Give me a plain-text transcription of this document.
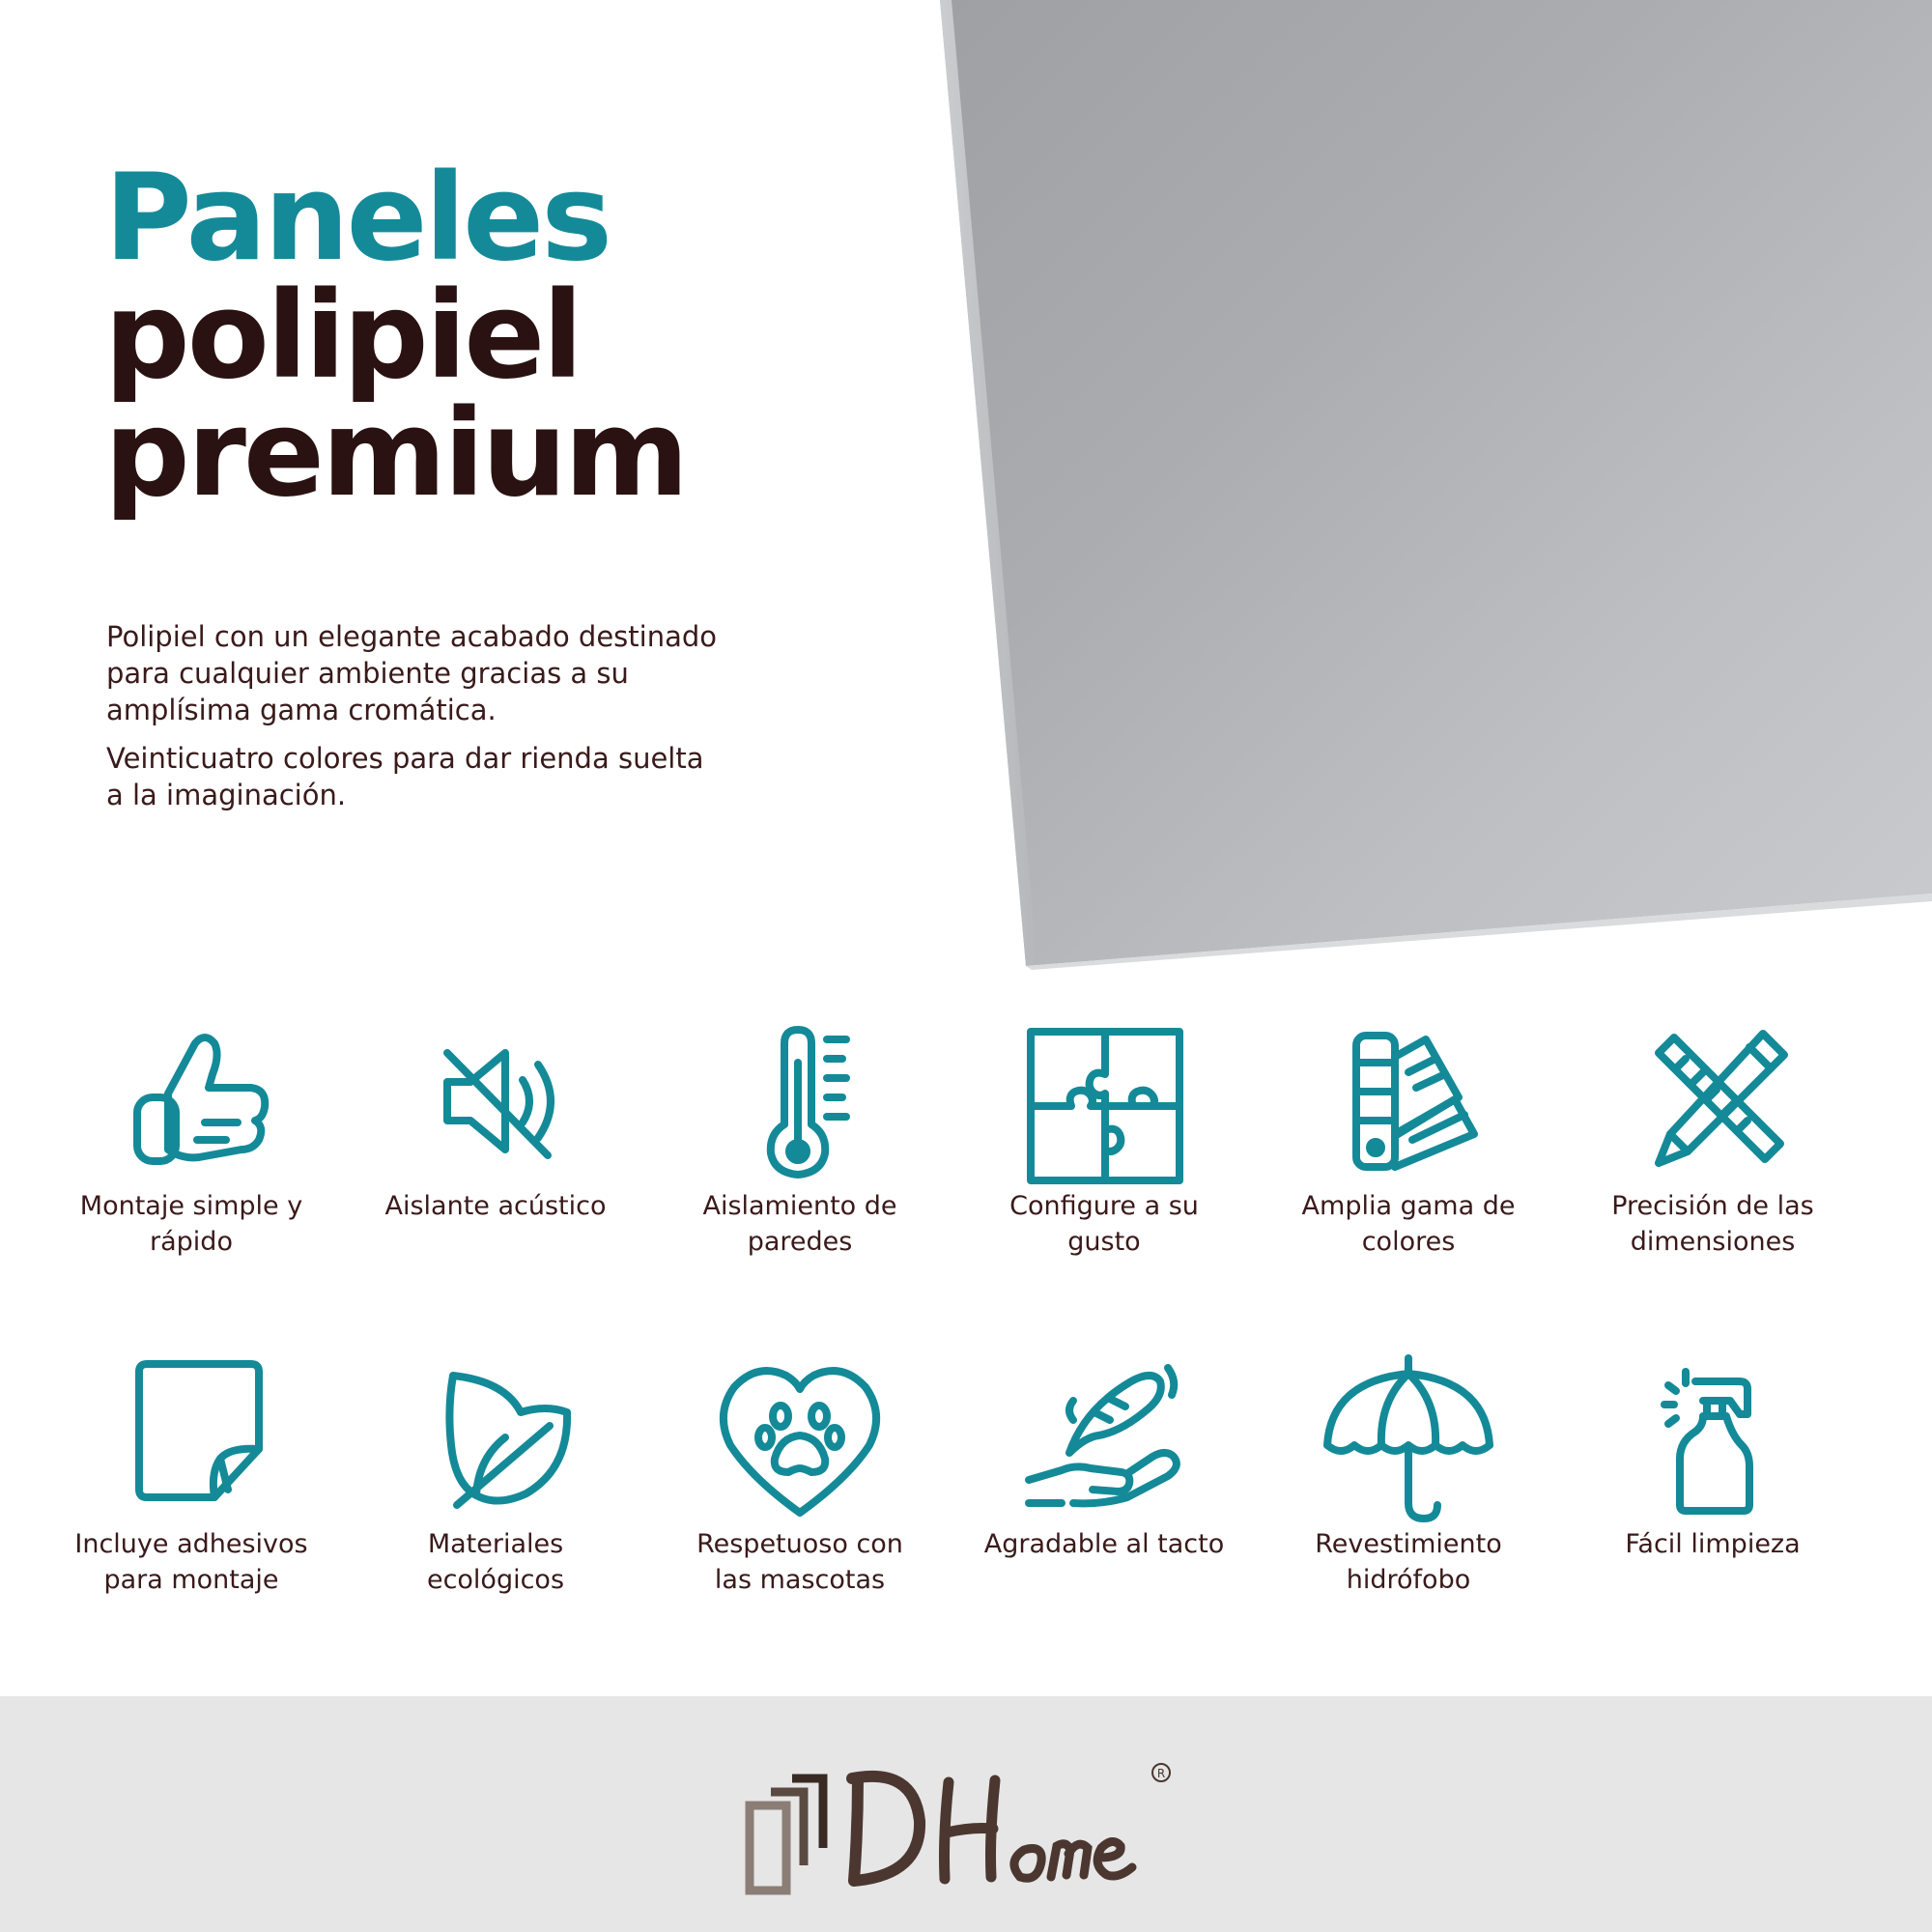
Paneles
polipiel
premium

Polipiel con un elegante acabado destinado para cualquier ambiente gracias a su amplísima gama cromática.

Veinticuatro colores para dar rienda suelta a la imaginación.

Montaje simple y rápido
Aislante acústico	Aislamiento de paredes
Configure a su gusto
Amplia gama de colores
Precisión de las dimensiones
Incluye adhesivos para montaje
Materiales ecológicos
Respetuoso con las mascotas
Agradable al tacto	Revestimiento hidrófobo
Fácil limpieza
R
